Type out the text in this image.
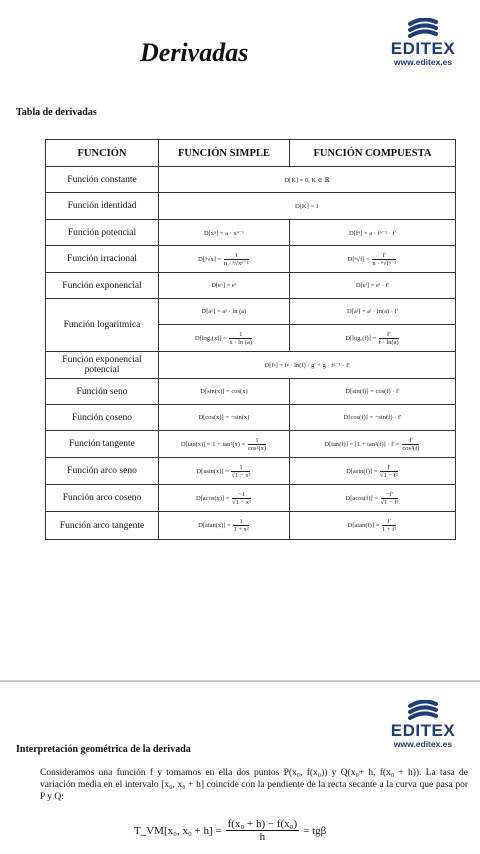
Derivadas	EDITEX
www.editex.es
Tabla de derivadas
FUNCIÓN	FUNCIÓN SIMPLE	FUNCIÓN COMPUESTA
Función constante	D[K] = 0, K ∈ ℝ	
Función identidad	D[K] = 1	
Función potencial	D[xⁿ] = a · xⁿ⁻¹	D[fⁿ] = a · fⁿ⁻¹ · f'
Función irracional	$D[^n√x] = \frac{1}{\text{n · ⁿ√xⁿ⁻¹}}$	$D[^n√f] = \frac{f'}{\text{n · ⁿ√fⁿ⁻¹}}$

Función exponencial	D[eˣ] = eˣ	D[eᶠ] = eᶠ · f'
Función logarítmica	D[aˣ] = aˣ · ln (a)	D[aᶠ] = aᶠ · ln(a) · f'
	$D[\log_a(x)] = \frac{1}{x \cdot \ln (a)}$	$D[\log_a(f)] = \frac{f'}{f \cdot \ln(a)}$

Función exponencial potencial	D[fᵍ] = fᵍ · ln(f) · g' + g · fᵍ⁻¹ · f'	
Función seno	D[sin(x)] = cos(x)	D[sin(f)] = cos(f) · f'
Función coseno	D[cos(x)] = −sin(x)	D[cos(f)] = −sin(f) · f'
Función tangente	$D[\tan(x)] = 1 + \tan^2(x) = \frac{1}{\text{cos²(x)}}$	$D[\tan(f)] = [1 + \tan^2(f)] \cdot f' = \frac{f'}{\text{cos²(f)}}$

Función arco seno	$D[asin(x)] = \frac{1}{\text{√1 − x²}}$	$D[asin(f)] = \frac{f'}{\text{√1 − f²}}$

Función arco coseno	$D[acos(x)] = \frac{-1}{\text{√1 − x²}}$	$D[acos(f)] = \frac{-f'}{\text{√1 − f²}}$

Función arco tangente	$D[atan(x)] = \frac{1}{\text{1 + x²}}$	$D[atan(f)] = \frac{f'}{\text{1 + f²}}$
EDITEX
www.editex.es
Interpretación geométrica de la derivada
Consideramos una función f y tomamos en ella dos puntos P(x₀, f(x₀)) y Q(x₀+ h, f(x₀ + h)). La tasa de variación media en el intervalo [x₀, x₀ + h] coincide con la pendiente de la recta secante a la curva que pasa por P y Q:
T_VM[x₀, $x_0 + h] = \frac{\text{f(x₀ + h) − f(x₀)}}{h} = tg\beta$
